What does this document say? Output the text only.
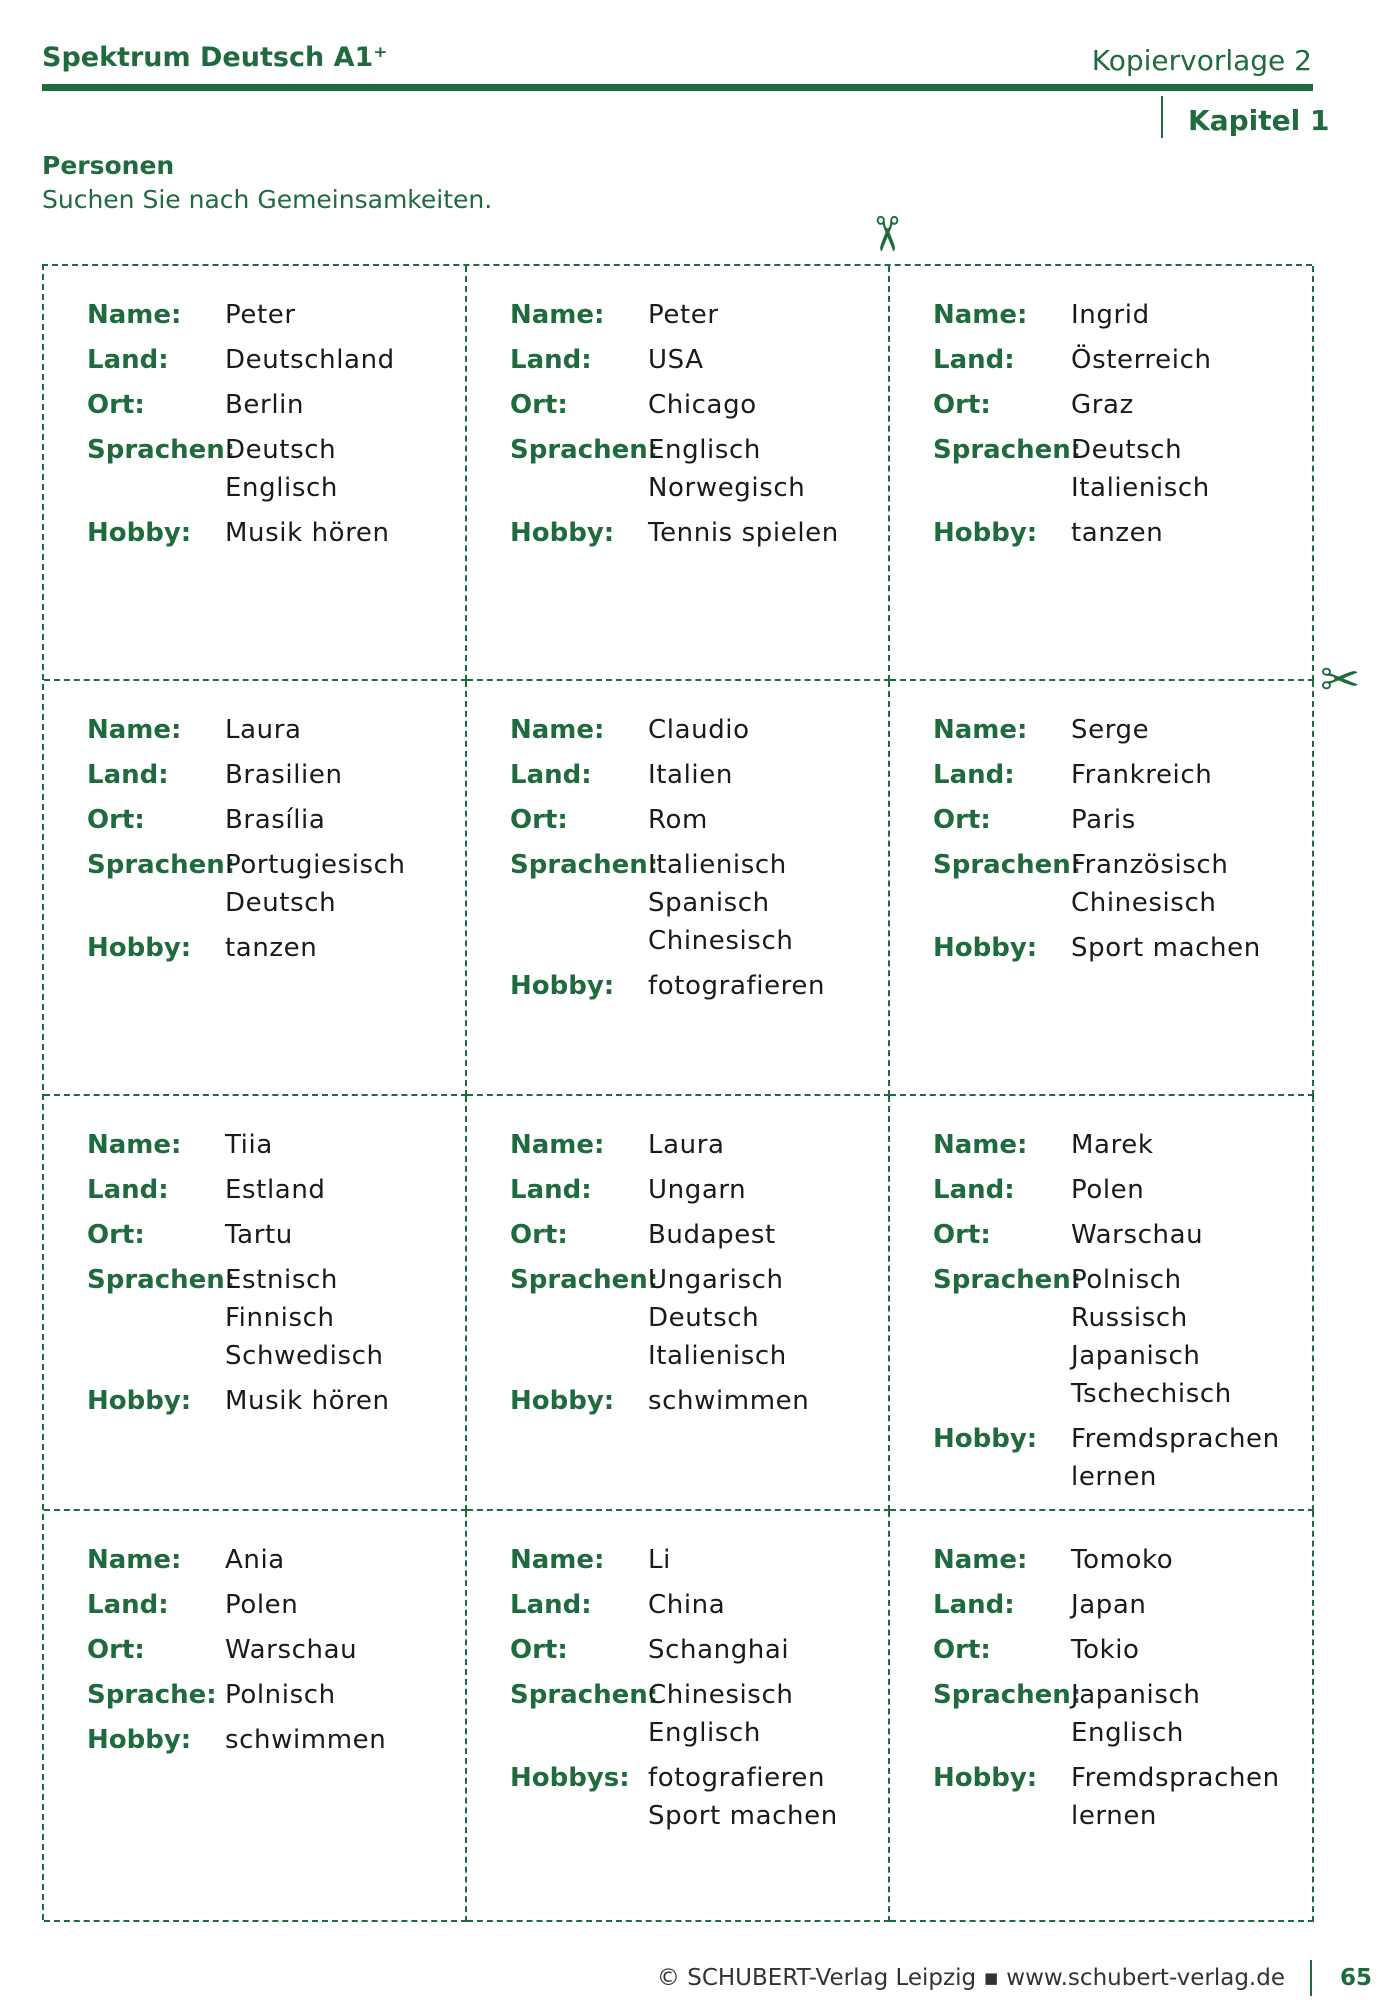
Spektrum Deutsch A1⁺	Kopiervorlage 2
Kapitel 1
Personen
Suchen Sie nach Gemeinsamkeiten.
✂
✂
Name:	Peter
Land:	Deutschland
Ort:	Berlin
Sprachen:
Deutsch
Englisch
Hobby:	Musik hören
Name:	Peter
Land:	USA
Ort:	Chicago
Sprachen:
Englisch
Norwegisch
Hobby:	Tennis spielen
Name:	Ingrid
Land:	Österreich
Ort:	Graz
Sprachen:
Deutsch
Italienisch
Hobby:	tanzen
Name:	Laura
Land:	Brasilien
Ort:	Brasília
Sprachen:
Portugiesisch
Deutsch
Hobby:	tanzen
Name:	Claudio
Land:	Italien
Ort:	Rom
Sprachen:
Italienisch
Spanisch
Chinesisch
Hobby:	fotografieren
Name:	Serge
Land:	Frankreich
Ort:	Paris
Sprachen:
Französisch
Chinesisch
Hobby:	Sport machen
Name:	Tiia
Land:	Estland
Ort:	Tartu
Sprachen:
Estnisch
Finnisch
Schwedisch
Hobby:	Musik hören
Name:	Laura
Land:	Ungarn
Ort:	Budapest
Sprachen:
Ungarisch
Deutsch
Italienisch
Hobby:	schwimmen
Name:	Marek
Land:	Polen
Ort:	Warschau
Sprachen:
Polnisch
Russisch
Japanisch
Tschechisch
Hobby:	Fremdsprachen
lernen
Name:	Ania
Land:	Polen
Ort:	Warschau
Sprache: Polnisch
Hobby:	schwimmen
Name:	Li
Land:	China
Ort:	Schanghai
Sprachen:
Chinesisch
Englisch
Hobbys: fotografieren
Sport machen
Name:	Tomoko
Land:	Japan
Ort:	Tokio
Sprachen:
Japanisch
Englisch
Hobby:	Fremdsprachen
lernen
© SCHUBERT-Verlag Leipzig ▪ www.schubert-verlag.de 65
